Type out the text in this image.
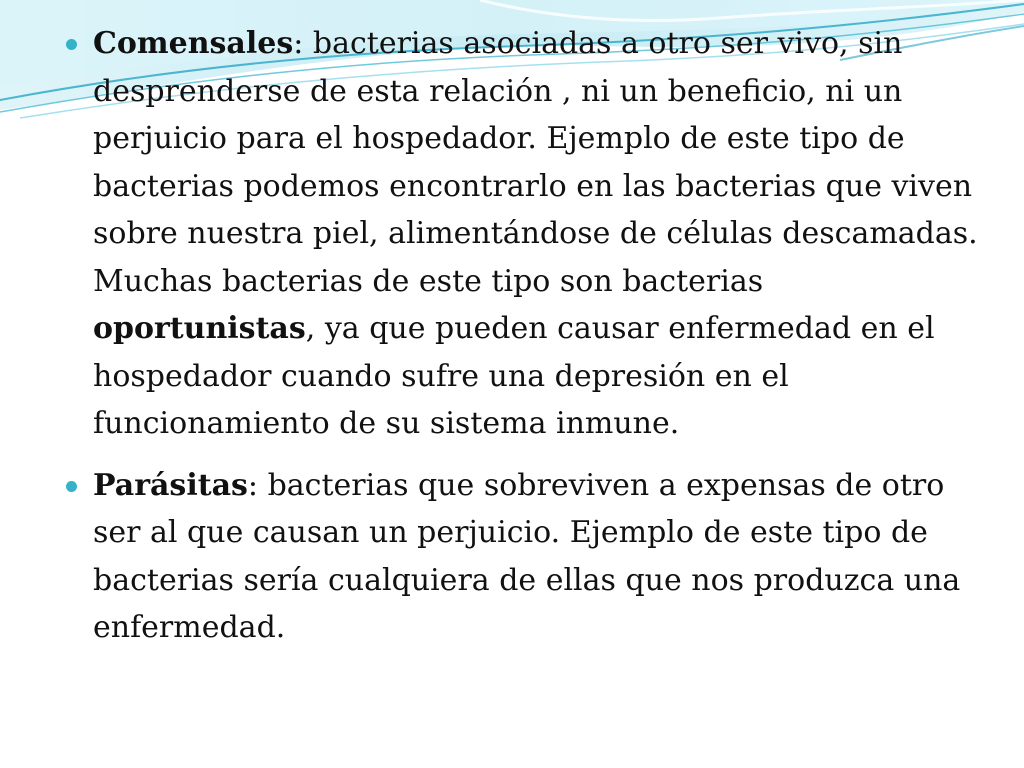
Comensales: bacterias asociadas a otro ser vivo, sin desprenderse de esta relación , ni un beneficio, ni un perjuicio para el hospedador. Ejemplo de este tipo de bacterias podemos encontrarlo en las bacterias que viven sobre nuestra piel, alimentándose de células descamadas. Muchas bacterias de este tipo son bacterias oportunistas, ya que pueden causar enfermedad en el hospedador cuando sufre una depresión en el funcionamiento de su sistema inmune.
Parásitas: bacterias que sobreviven a expensas de otro ser al que causan un perjuicio. Ejemplo de este tipo de bacterias sería cualquiera de ellas que nos produzca una enfermedad.
